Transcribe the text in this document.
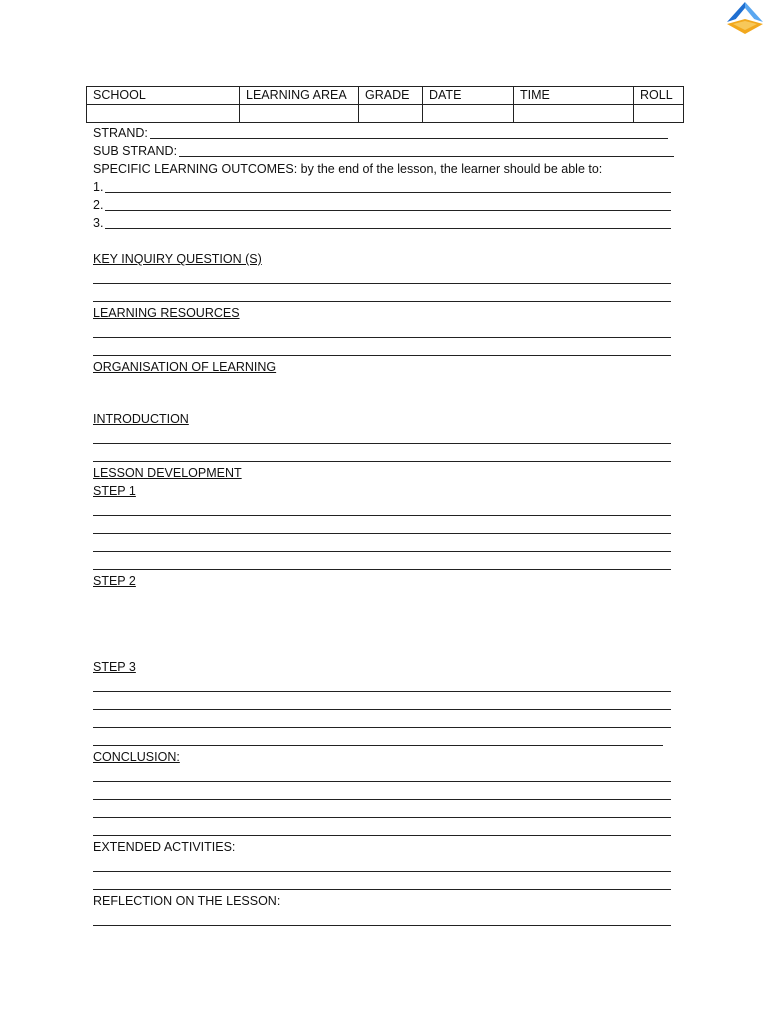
SCHOOL	LEARNING AREA	GRADE	DATE	TIME	ROLL

STRAND:
SUB STRAND:
SPECIFIC LEARNING OUTCOMES: by the end of the lesson, the learner should be able to:
1.
2.
3.
KEY INQUIRY QUESTION (S)
LEARNING RESOURCES
ORGANISATION OF LEARNING
INTRODUCTION
LESSON DEVELOPMENT
STEP 1
STEP 2
STEP 3
CONCLUSION:
EXTENDED ACTIVITIES:
REFLECTION ON THE LESSON:
